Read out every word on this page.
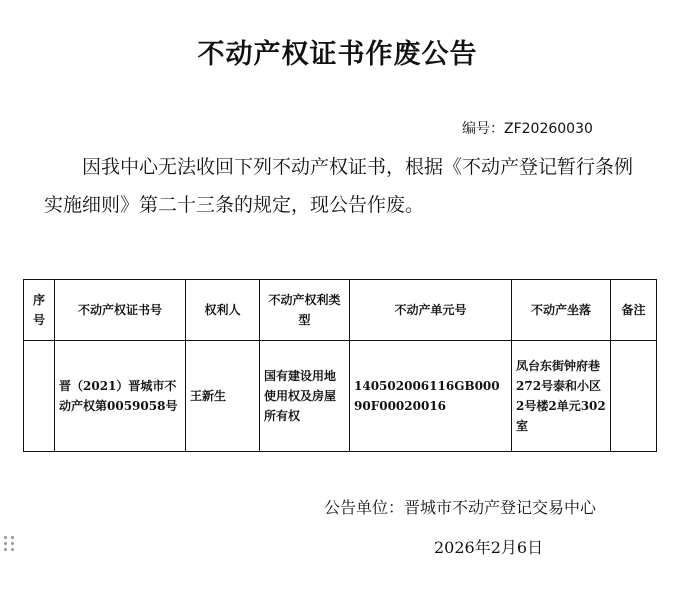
不动产权证书作废公告
编号：ZF20260030

因我中心无法收回下列不动产权证书，根据《不动产登记暂行条例实施细则》第二十三条的规定，现公告作废。

序号	不动产权证书号	权利人	不动产权利类型	不动产单元号	不动产坐落	备注
	晋（2021）晋城市不动产权第0059058号	王新生	国有建设用地使用权及房屋所有权	140502006116GB00090F00020016	凤台东街钟府巷272号泰和小区2号楼2单元302室	
公告单位：晋城市不动产登记交易中心
2026年2月6日
